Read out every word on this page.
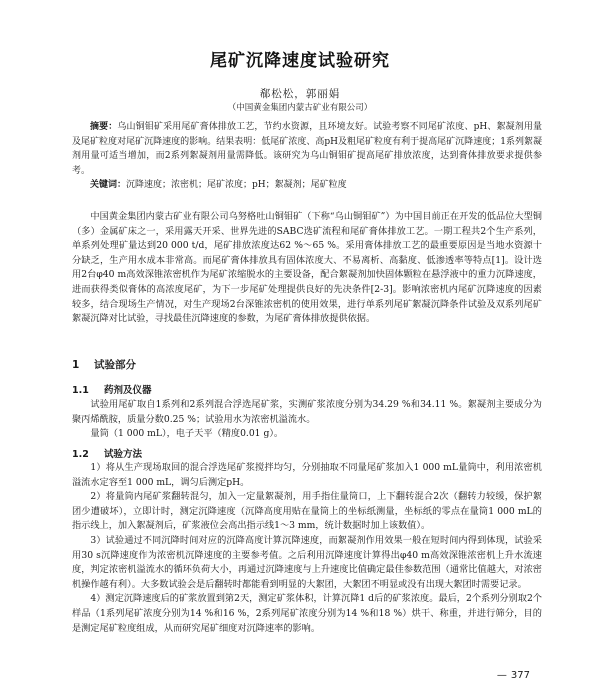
尾矿沉降速度试验研究
郗松松，郭丽娟
（中国黄金集团内蒙古矿业有限公司）

摘要：乌山铜钼矿采用尾矿膏体排放工艺，节约水资源，且环境友好。试验考察不同尾矿浓度、pH、絮凝剂用量及尾矿粒度对尾矿沉降速度的影响。结果表明：低尾矿浓度、高pH及粗尾矿粒度有利于提高尾矿沉降速度；1系列絮凝剂用量可适当增加，而2系列絮凝剂用量需降低。该研究为乌山铜钼矿提高尾矿排放浓度，达到膏体排放要求提供参考。

关键词：沉降速度；浓密机；尾矿浓度；pH；絮凝剂；尾矿粒度

中国黄金集团内蒙古矿业有限公司乌努格吐山铜钼矿（下称“乌山铜钼矿”）为中国目前正在开发的低品位大型铜（多）金属矿床之一，采用露天开采、世界先进的SABC选矿流程和尾矿膏体排放工艺。一期工程共2个生产系列，单系列处理矿量达到20 000 t/d，尾矿排放浓度达62 %～65 %。采用膏体排放工艺的最重要原因是当地水资源十分缺乏，生产用水成本非常高。而尾矿膏体排放具有固体浓度大、不易离析、高黏度、低渗透率等特点[1]。设计选用2台φ40 m高效深锥浓密机作为尾矿浓缩脱水的主要设备，配合絮凝剂加快固体颗粒在悬浮液中的重力沉降速度，进而获得类似膏体的高浓度尾矿，为下一步尾矿处理提供良好的先决条件[2-3]。影响浓密机内尾矿沉降速度的因素较多，结合现场生产情况，对生产现场2台深锥浓密机的使用效果，进行单系列尾矿絮凝沉降条件试验及双系列尾矿絮凝沉降对比试验，寻找最佳沉降速度的参数，为尾矿膏体排放提供依据。

1 试验部分
1.1 药剂及仪器

试验用尾矿取自1系列和2系列混合浮选尾矿浆，实测矿浆浓度分别为34.29 %和34.11 %。絮凝剂主要成分为聚丙烯酰胺，质量分数0.25 %；试验用水为浓密机溢流水。

量筒（1 000 mL），电子天平（精度0.01 g）。

1.2 试验方法

1）将从生产现场取回的混合浮选尾矿浆搅拌均匀，分别抽取不同量尾矿浆加入1 000 mL量筒中，利用浓密机溢流水定容至1 000 mL，调匀后测定pH。

2）将量筒内尾矿浆翻转混匀，加入一定量絮凝剂，用手指住量筒口，上下翻转混合2次（翻转力较缓，保护絮团少遭破坏），立即计时，测定沉降速度（沉降高度用贴在量筒上的坐标纸测量，坐标纸的零点在量筒1 000 mL的指示线上，加入絮凝剂后，矿浆液位会高出指示线1～3 mm，统计数据时加上该数值）。

3）试验通过不同沉降时间对应的沉降高度计算沉降速度，而絮凝剂作用效果一般在短时间内得到体现，试验采用30 s沉降速度作为浓密机沉降速度的主要参考值。之后利用沉降速度计算得出φ40 m高效深锥浓密机上升水流速度，判定浓密机溢流水的循环负荷大小，再通过沉降速度与上升速度比值确定最佳参数范围（通常比值越大，对浓密机操作越有利）。大多数试验会是后翻转时都能看到明显的大絮团，大絮团不明显或没有出现大絮团时需要记录。

4）测定沉降速度后的矿浆放置到第2天，测定矿浆体积，计算沉降1 d后的矿浆浓度。最后，2个系列分别取2个样品（1系列尾矿浓度分别为14 %和16 %，2系列尾矿浓度分别为14 %和18 %）烘干、称重，并进行筛分，目的是测定尾矿粒度组成，从而研究尾矿细度对沉降速率的影响。

— 377
